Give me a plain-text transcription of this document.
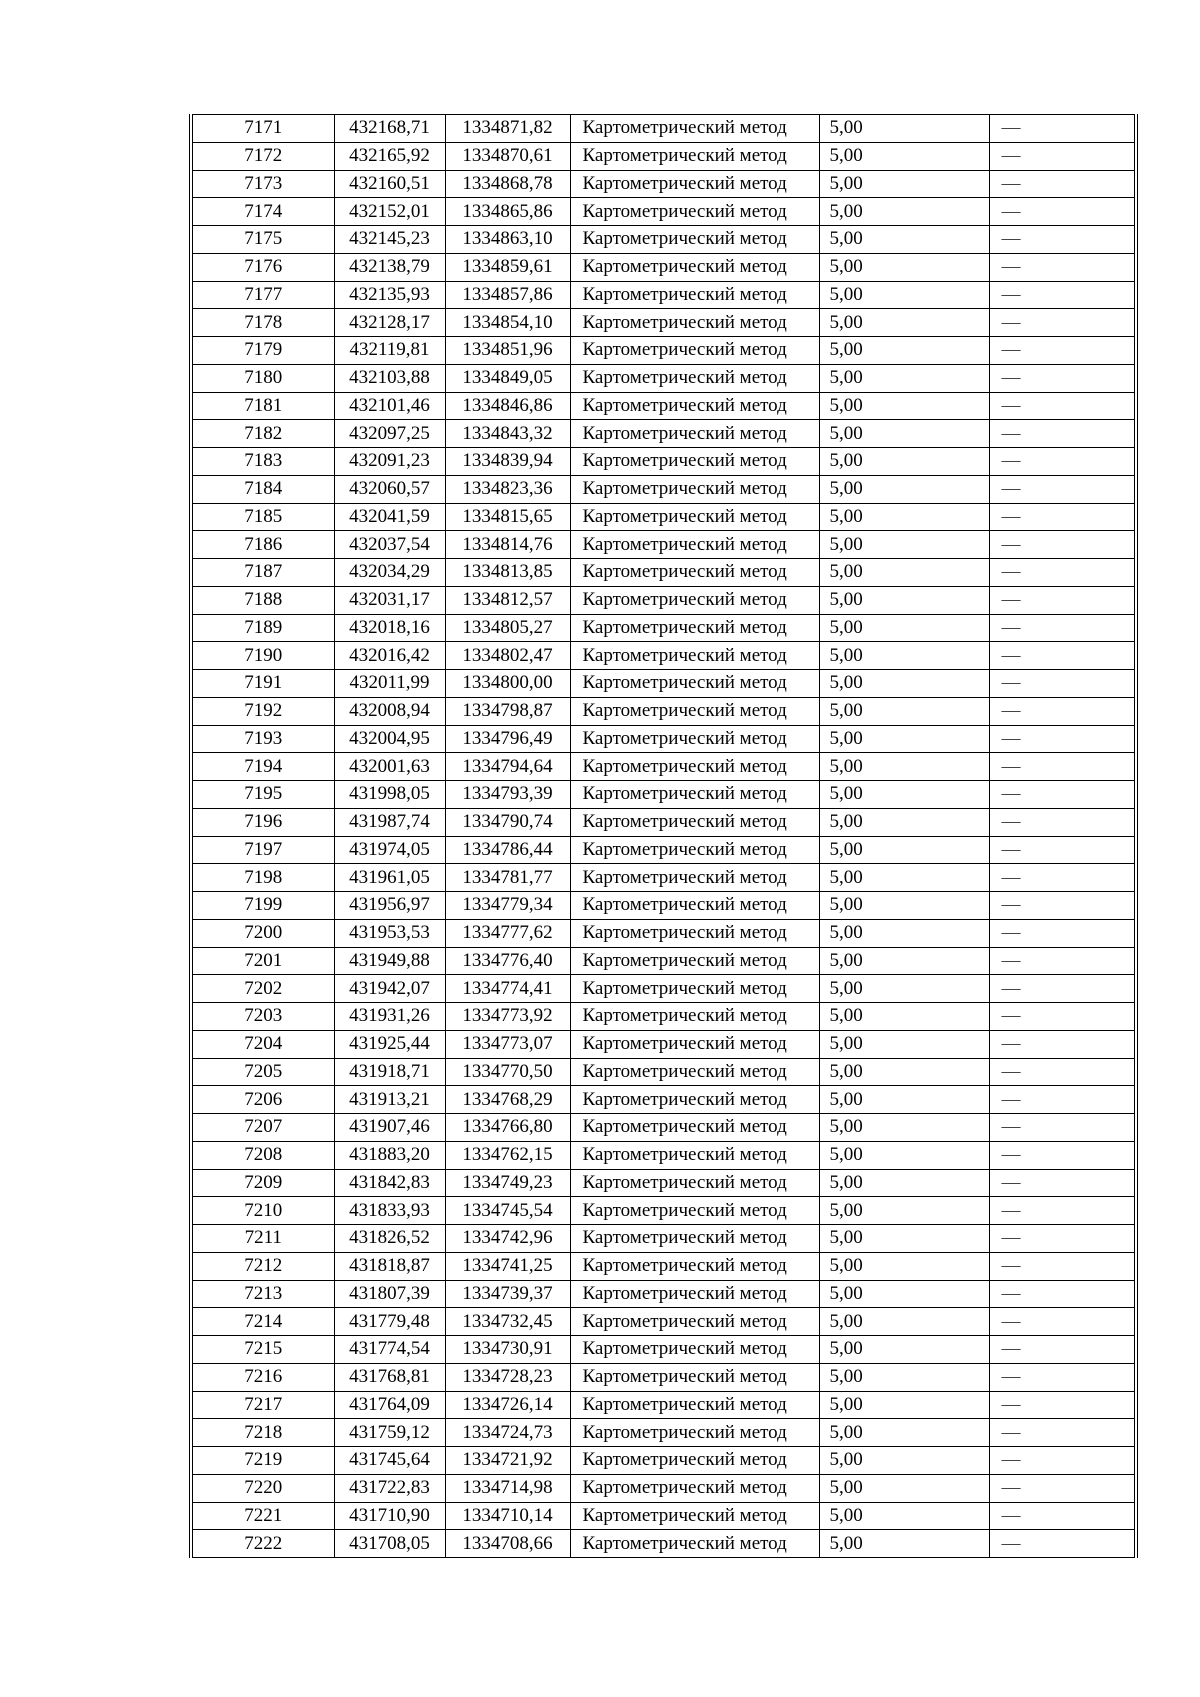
7171	432168,71	1334871,82	Картометрический метод	5,00	—
7172	432165,92	1334870,61	Картометрический метод	5,00	—
7173	432160,51	1334868,78	Картометрический метод	5,00	—
7174	432152,01	1334865,86	Картометрический метод	5,00	—
7175	432145,23	1334863,10	Картометрический метод	5,00	—
7176	432138,79	1334859,61	Картометрический метод	5,00	—
7177	432135,93	1334857,86	Картометрический метод	5,00	—
7178	432128,17	1334854,10	Картометрический метод	5,00	—
7179	432119,81	1334851,96	Картометрический метод	5,00	—
7180	432103,88	1334849,05	Картометрический метод	5,00	—
7181	432101,46	1334846,86	Картометрический метод	5,00	—
7182	432097,25	1334843,32	Картометрический метод	5,00	—
7183	432091,23	1334839,94	Картометрический метод	5,00	—
7184	432060,57	1334823,36	Картометрический метод	5,00	—
7185	432041,59	1334815,65	Картометрический метод	5,00	—
7186	432037,54	1334814,76	Картометрический метод	5,00	—
7187	432034,29	1334813,85	Картометрический метод	5,00	—
7188	432031,17	1334812,57	Картометрический метод	5,00	—
7189	432018,16	1334805,27	Картометрический метод	5,00	—
7190	432016,42	1334802,47	Картометрический метод	5,00	—
7191	432011,99	1334800,00	Картометрический метод	5,00	—
7192	432008,94	1334798,87	Картометрический метод	5,00	—
7193	432004,95	1334796,49	Картометрический метод	5,00	—
7194	432001,63	1334794,64	Картометрический метод	5,00	—
7195	431998,05	1334793,39	Картометрический метод	5,00	—
7196	431987,74	1334790,74	Картометрический метод	5,00	—
7197	431974,05	1334786,44	Картометрический метод	5,00	—
7198	431961,05	1334781,77	Картометрический метод	5,00	—
7199	431956,97	1334779,34	Картометрический метод	5,00	—
7200	431953,53	1334777,62	Картометрический метод	5,00	—
7201	431949,88	1334776,40	Картометрический метод	5,00	—
7202	431942,07	1334774,41	Картометрический метод	5,00	—
7203	431931,26	1334773,92	Картометрический метод	5,00	—
7204	431925,44	1334773,07	Картометрический метод	5,00	—
7205	431918,71	1334770,50	Картометрический метод	5,00	—
7206	431913,21	1334768,29	Картометрический метод	5,00	—
7207	431907,46	1334766,80	Картометрический метод	5,00	—
7208	431883,20	1334762,15	Картометрический метод	5,00	—
7209	431842,83	1334749,23	Картометрический метод	5,00	—
7210	431833,93	1334745,54	Картометрический метод	5,00	—
7211	431826,52	1334742,96	Картометрический метод	5,00	—
7212	431818,87	1334741,25	Картометрический метод	5,00	—
7213	431807,39	1334739,37	Картометрический метод	5,00	—
7214	431779,48	1334732,45	Картометрический метод	5,00	—
7215	431774,54	1334730,91	Картометрический метод	5,00	—
7216	431768,81	1334728,23	Картометрический метод	5,00	—
7217	431764,09	1334726,14	Картометрический метод	5,00	—
7218	431759,12	1334724,73	Картометрический метод	5,00	—
7219	431745,64	1334721,92	Картометрический метод	5,00	—
7220	431722,83	1334714,98	Картометрический метод	5,00	—
7221	431710,90	1334710,14	Картометрический метод	5,00	—
7222	431708,05	1334708,66	Картометрический метод	5,00	—
